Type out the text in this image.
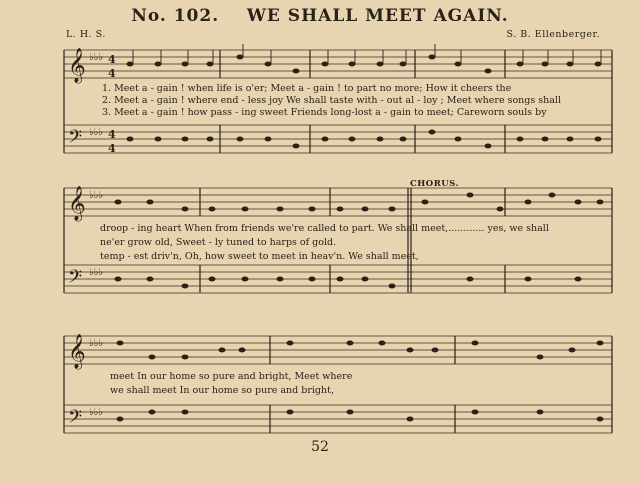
No. 102. WE SHALL MEET AGAIN.
L. H. S.	S. B. Ellenberger.
𝄞
𝄢
♭♭♭
♭♭♭
4
4
4
4
𝄞
𝄢
♭♭♭
♭♭♭
𝄞
𝄢
♭♭♭
♭♭♭
1. Meet a - gain ! when life is o'er; Meet a - gain ! to part no more; How it cheers the
2. Meet a - gain ! where end - less joy We shall taste with - out al - loy ; Meet where songs shall
3. Meet a - gain ! how pass - ing sweet Friends long-lost a - gain to meet; Careworn souls by
CHORUS.
droop - ing heart When from friends we're called to part. We shall meet,............ yes, we shall
ne'er grow old, Sweet - ly tuned to harps of gold.
temp - est driv'n, Oh, how sweet to meet in heav'n. We shall meet,
meet In our home so pure and bright, Meet where
we shall meet In our home so pure and bright,
52
